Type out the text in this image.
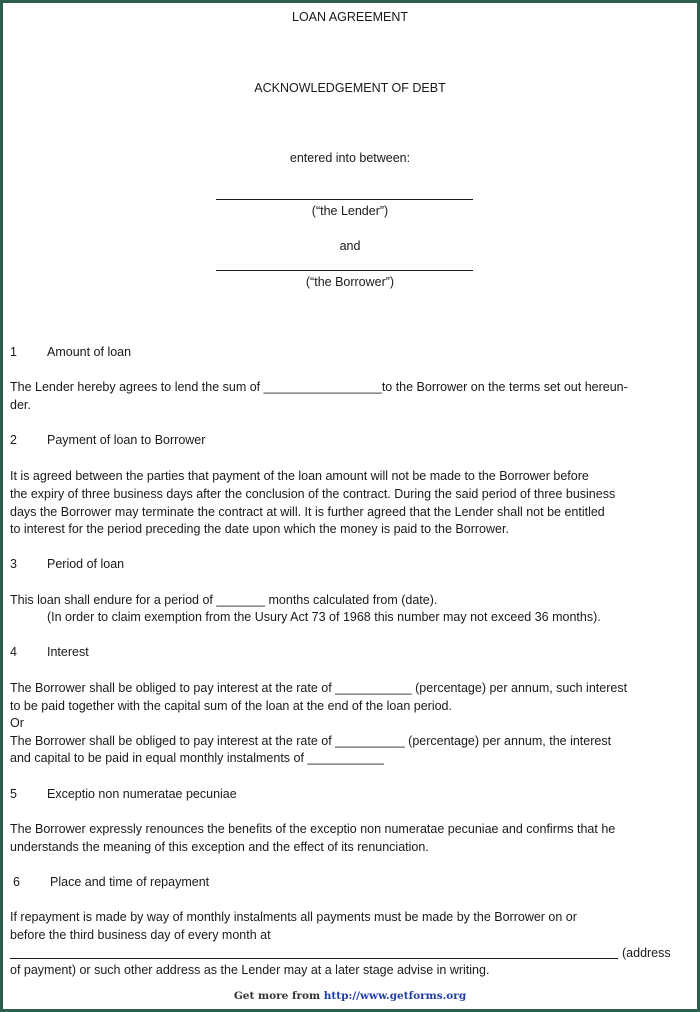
LOAN AGREEMENT
ACKNOWLEDGEMENT OF DEBT
entered into between:
(“the Lender”)
and
(“the Borrower”)
1 Amount of loan
The Lender hereby agrees to lend the sum of _________________to the Borrower on the terms set out hereun-
der.
2 Payment of loan to Borrower
It is agreed between the parties that payment of the loan amount will not be made to the Borrower before
the expiry of three business days after the conclusion of the contract. During the said period of three business
days the Borrower may terminate the contract at will. It is further agreed that the Lender shall not be entitled
to interest for the period preceding the date upon which the money is paid to the Borrower.
3 Period of loan
This loan shall endure for a period of _______ months calculated from (date).
(In order to claim exemption from the Usury Act 73 of 1968 this number may not exceed 36 months).
4 Interest
The Borrower shall be obliged to pay interest at the rate of ___________ (percentage) per annum, such interest
to be paid together with the capital sum of the loan at the end of the loan period.
Or
The Borrower shall be obliged to pay interest at the rate of __________ (percentage) per annum, the interest
and capital to be paid in equal monthly instalments of ___________
5 Exceptio non numeratae pecuniae
The Borrower expressly renounces the benefits of the exceptio non numeratae pecuniae and confirms that he
understands the meaning of this exception and the effect of its renunciation.
6 Place and time of repayment
If repayment is made by way of monthly instalments all payments must be made by the Borrower on or
before the third business day of every month at
(address
of payment) or such other address as the Lender may at a later stage advise in writing.
Get more from http://www.getforms.org
